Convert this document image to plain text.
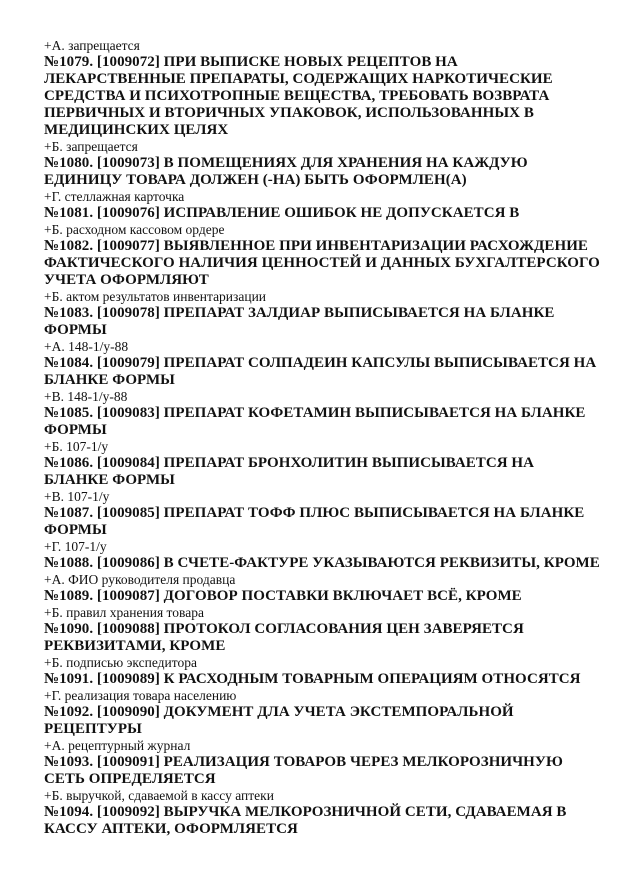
+А. запрещается

№1079. [1009072] ПРИ ВЫПИСКЕ НОВЫХ РЕЦЕПТОВ НА ЛЕКАРСТВЕННЫЕ ПРЕПАРАТЫ, СОДЕРЖАЩИХ НАРКОТИЧЕСКИЕ СРЕДСТВА И ПСИХОТРОПНЫЕ ВЕЩЕСТВА, ТРЕБОВАТЬ ВОЗВРАТА ПЕРВИЧНЫХ И ВТОРИЧНЫХ УПАКОВОК, ИСПОЛЬЗОВАННЫХ В МЕДИЦИНСКИХ ЦЕЛЯХ

+Б. запрещается

№1080. [1009073] В ПОМЕЩЕНИЯХ ДЛЯ ХРАНЕНИЯ НА КАЖДУЮ ЕДИНИЦУ ТОВАРА ДОЛЖЕН (-НА) БЫТЬ ОФОРМЛЕН(А)

+Г. стеллажная карточка

№1081. [1009076] ИСПРАВЛЕНИЕ ОШИБОК НЕ ДОПУСКАЕТСЯ В

+Б. расходном кассовом ордере

№1082. [1009077] ВЫЯВЛЕННОЕ ПРИ ИНВЕНТАРИЗАЦИИ РАСХОЖДЕНИЕ ФАКТИЧЕСКОГО НАЛИЧИЯ ЦЕННОСТЕЙ И ДАННЫХ БУХГАЛТЕРСКОГО УЧЕТА ОФОРМЛЯЮТ

+Б. актом результатов инвентаризации

№1083. [1009078] ПРЕПАРАТ ЗАЛДИАР ВЫПИСЫВАЕТСЯ НА БЛАНКЕ ФОРМЫ

+А. 148-1/у-88

№1084. [1009079] ПРЕПАРАТ СОЛПАДЕИН КАПСУЛЫ ВЫПИСЫВАЕТСЯ НА БЛАНКЕ ФОРМЫ

+В. 148-1/у-88

№1085. [1009083] ПРЕПАРАТ КОФЕТАМИН ВЫПИСЫВАЕТСЯ НА БЛАНКЕ ФОРМЫ

+Б. 107-1/у

№1086. [1009084] ПРЕПАРАТ БРОНХОЛИТИН ВЫПИСЫВАЕТСЯ НА БЛАНКЕ ФОРМЫ

+В. 107-1/у

№1087. [1009085] ПРЕПАРАТ ТОФФ ПЛЮС ВЫПИСЫВАЕТСЯ НА БЛАНКЕ ФОРМЫ

+Г. 107-1/у

№1088. [1009086] В СЧЕТЕ-ФАКТУРЕ УКАЗЫВАЮТСЯ РЕКВИЗИТЫ, КРОМЕ

+А. ФИО руководителя продавца

№1089. [1009087] ДОГОВОР ПОСТАВКИ ВКЛЮЧАЕТ ВСЁ, КРОМЕ

+Б. правил хранения товара

№1090. [1009088] ПРОТОКОЛ СОГЛАСОВАНИЯ ЦЕН ЗАВЕРЯЕТСЯ РЕКВИЗИТАМИ, КРОМЕ

+Б. подписью экспедитора

№1091. [1009089] К РАСХОДНЫМ ТОВАРНЫМ ОПЕРАЦИЯМ ОТНОСЯТСЯ

+Г. реализация товара населению

№1092. [1009090] ДОКУМЕНТ ДЛА УЧЕТА ЭКСТЕМПОРАЛЬНОЙ РЕЦЕПТУРЫ

+А. рецептурный журнал

№1093. [1009091] РЕАЛИЗАЦИЯ ТОВАРОВ ЧЕРЕЗ МЕЛКОРОЗНИЧНУЮ СЕТЬ ОПРЕДЕЛЯЕТСЯ

+Б. выручкой, сдаваемой в кассу аптеки

№1094. [1009092] ВЫРУЧКА МЕЛКОРОЗНИЧНОЙ СЕТИ, СДАВАЕМАЯ В КАССУ АПТЕКИ, ОФОРМЛЯЕТСЯ
